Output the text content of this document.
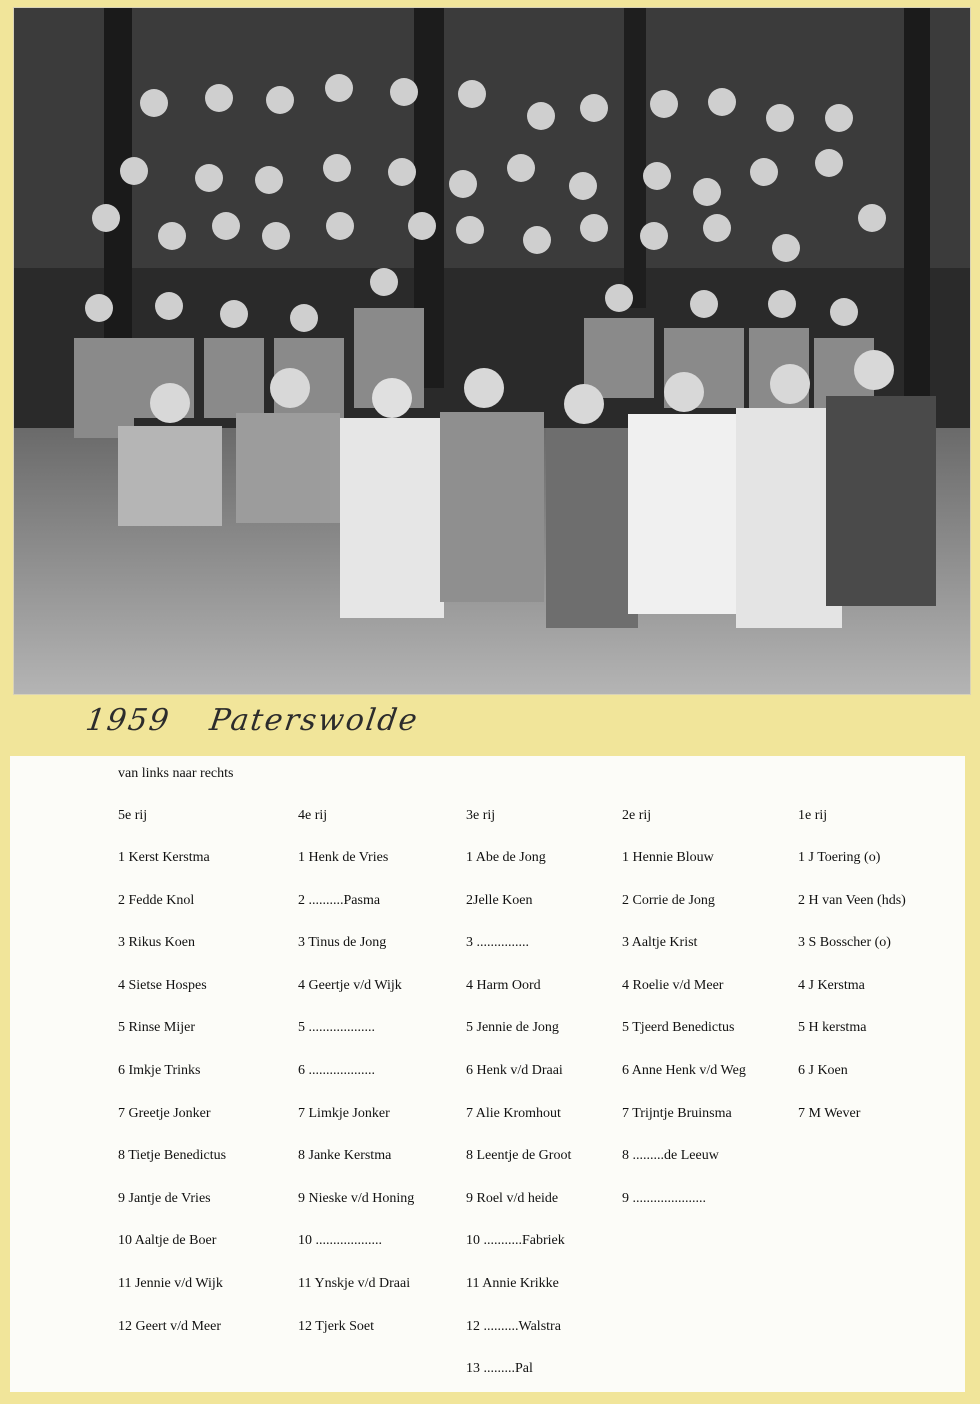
1959 Paterswolde
van links naar rechts
5e rij
1 Kerst Kerstma
2 Fedde Knol
3 Rikus Koen
4 Sietse Hospes
5 Rinse Mijer
6 Imkje Trinks
7 Greetje Jonker
8 Tietje Benedictus
9 Jantje de Vries
10 Aaltje de Boer
11 Jennie v/d Wijk
12 Geert v/d Meer
4e rij
1 Henk de Vries
2 ..........Pasma
3 Tinus de Jong
4 Geertje v/d Wijk
5 ...................
6 ...................
7 Limkje Jonker
8 Janke Kerstma
9 Nieske v/d Honing
10 ...................
11 Ynskje v/d Draai
12 Tjerk Soet
3e rij
1 Abe de Jong
2Jelle Koen
3 ...............
4 Harm Oord
5 Jennie de Jong
6 Henk v/d Draai
7 Alie Kromhout
8 Leentje de Groot
9 Roel v/d heide
10 ...........Fabriek
11 Annie Krikke
12 ..........Walstra
13 .........Pal
2e rij
1 Hennie Blouw
2 Corrie de Jong
3 Aaltje Krist
4 Roelie v/d Meer
5 Tjeerd Benedictus
6 Anne Henk v/d Weg
7 Trijntje Bruinsma
8 .........de Leeuw
9 .....................
1e rij
1 J Toering (o)
2 H van Veen (hds)
3 S Bosscher (o)
4 J Kerstma
5 H kerstma
6 J Koen
7 M Wever
